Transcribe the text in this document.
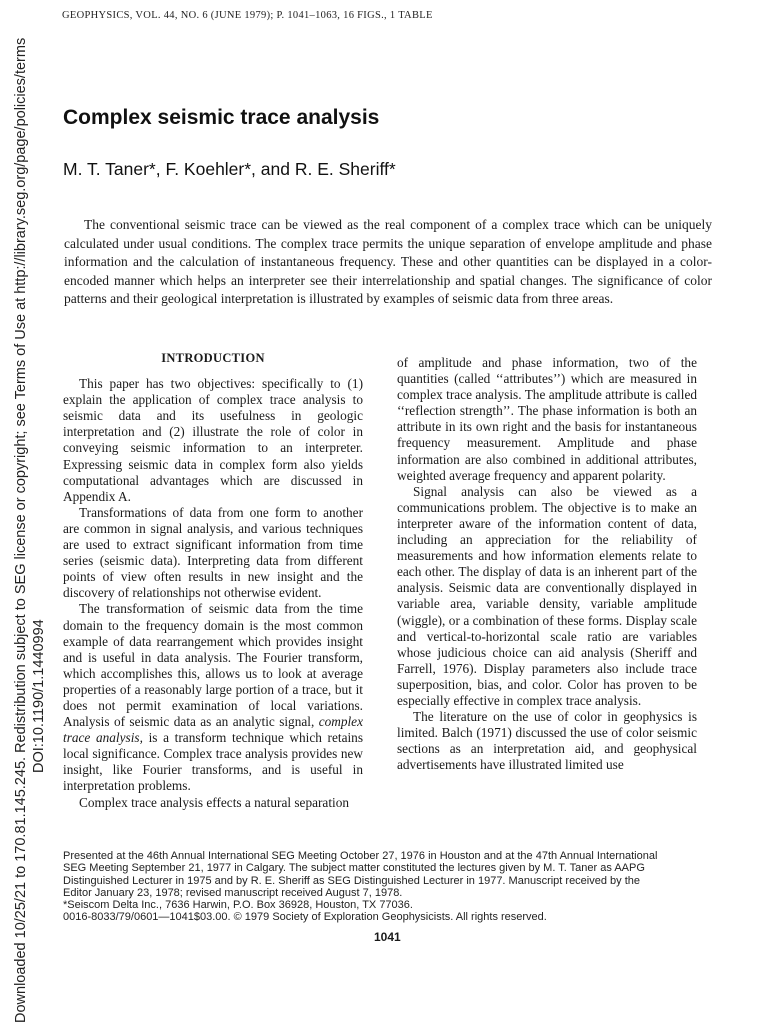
Downloaded 10/25/21 to 170.81.145.245. Redistribution subject to SEG license or copyright; see Terms of Use at http://library.seg.org/page/policies/terms DOI:10.1190/1.1440994
GEOPHYSICS, VOL. 44, NO. 6 (JUNE 1979); P. 1041–1063, 16 FIGS., 1 TABLE
Complex seismic trace analysis
M. T. Taner*, F. Koehler*, and R. E. Sheriff*
The conventional seismic trace can be viewed as the real component of a complex trace which can be uniquely calculated under usual conditions. The complex trace permits the unique separation of envelope amplitude and phase information and the calculation of instantaneous frequency. These and other quantities can be displayed in a color-encoded manner which helps an interpreter see their interrelationship and spatial changes. The significance of color patterns and their geological interpretation is illustrated by examples of seismic data from three areas.
INTRODUCTION

This paper has two objectives: specifically to (1) explain the application of complex trace analysis to seismic data and its usefulness in geologic interpretation and (2) illustrate the role of color in conveying seismic information to an interpreter. Expressing seismic data in complex form also yields computational advantages which are discussed in Appendix A.

Transformations of data from one form to another are common in signal analysis, and various techniques are used to extract significant information from time series (seismic data). Interpreting data from different points of view often results in new insight and the discovery of relationships not otherwise evident.

The transformation of seismic data from the time domain to the frequency domain is the most common example of data rearrangement which provides insight and is useful in data analysis. The Fourier transform, which accomplishes this, allows us to look at average properties of a reasonably large portion of a trace, but it does not permit examination of local variations. Analysis of seismic data as an analytic signal, complex trace analysis, is a transform technique which retains local significance. Complex trace analysis provides new insight, like Fourier transforms, and is useful in interpretation problems.

Complex trace analysis effects a natural separation

of amplitude and phase information, two of the quantities (called ‘‘attributes’’) which are measured in complex trace analysis. The amplitude attribute is called ‘‘reflection strength’’. The phase information is both an attribute in its own right and the basis for instantaneous frequency measurement. Amplitude and phase information are also combined in additional attributes, weighted average frequency and apparent polarity.

Signal analysis can also be viewed as a communications problem. The objective is to make an interpreter aware of the information content of data, including an appreciation for the reliability of measurements and how information elements relate to each other. The display of data is an inherent part of the analysis. Seismic data are conventionally displayed in variable area, variable density, variable amplitude (wiggle), or a combination of these forms. Display scale and vertical-to-horizontal scale ratio are variables whose judicious choice can aid analysis (Sheriff and Farrell, 1976). Display parameters also include trace superposition, bias, and color. Color has proven to be especially effective in complex trace analysis.

The literature on the use of color in geophysics is limited. Balch (1971) discussed the use of color seismic sections as an interpretation aid, and geophysical advertisements have illustrated limited use

Presented at the 46th Annual International SEG Meeting October 27, 1976 in Houston and at the 47th Annual International
SEG Meeting September 21, 1977 in Calgary. The subject matter constituted the lectures given by M. T. Taner as AAPG
Distinguished Lecturer in 1975 and by R. E. Sheriff as SEG Distinguished Lecturer in 1977. Manuscript received by the
Editor January 23, 1978; revised manuscript received August 7, 1978.
*Seiscom Delta Inc., 7636 Harwin, P.O. Box 36928, Houston, TX 77036.
0016-8033/79/0601—1041$03.00. © 1979 Society of Exploration Geophysicists. All rights reserved.
1041
